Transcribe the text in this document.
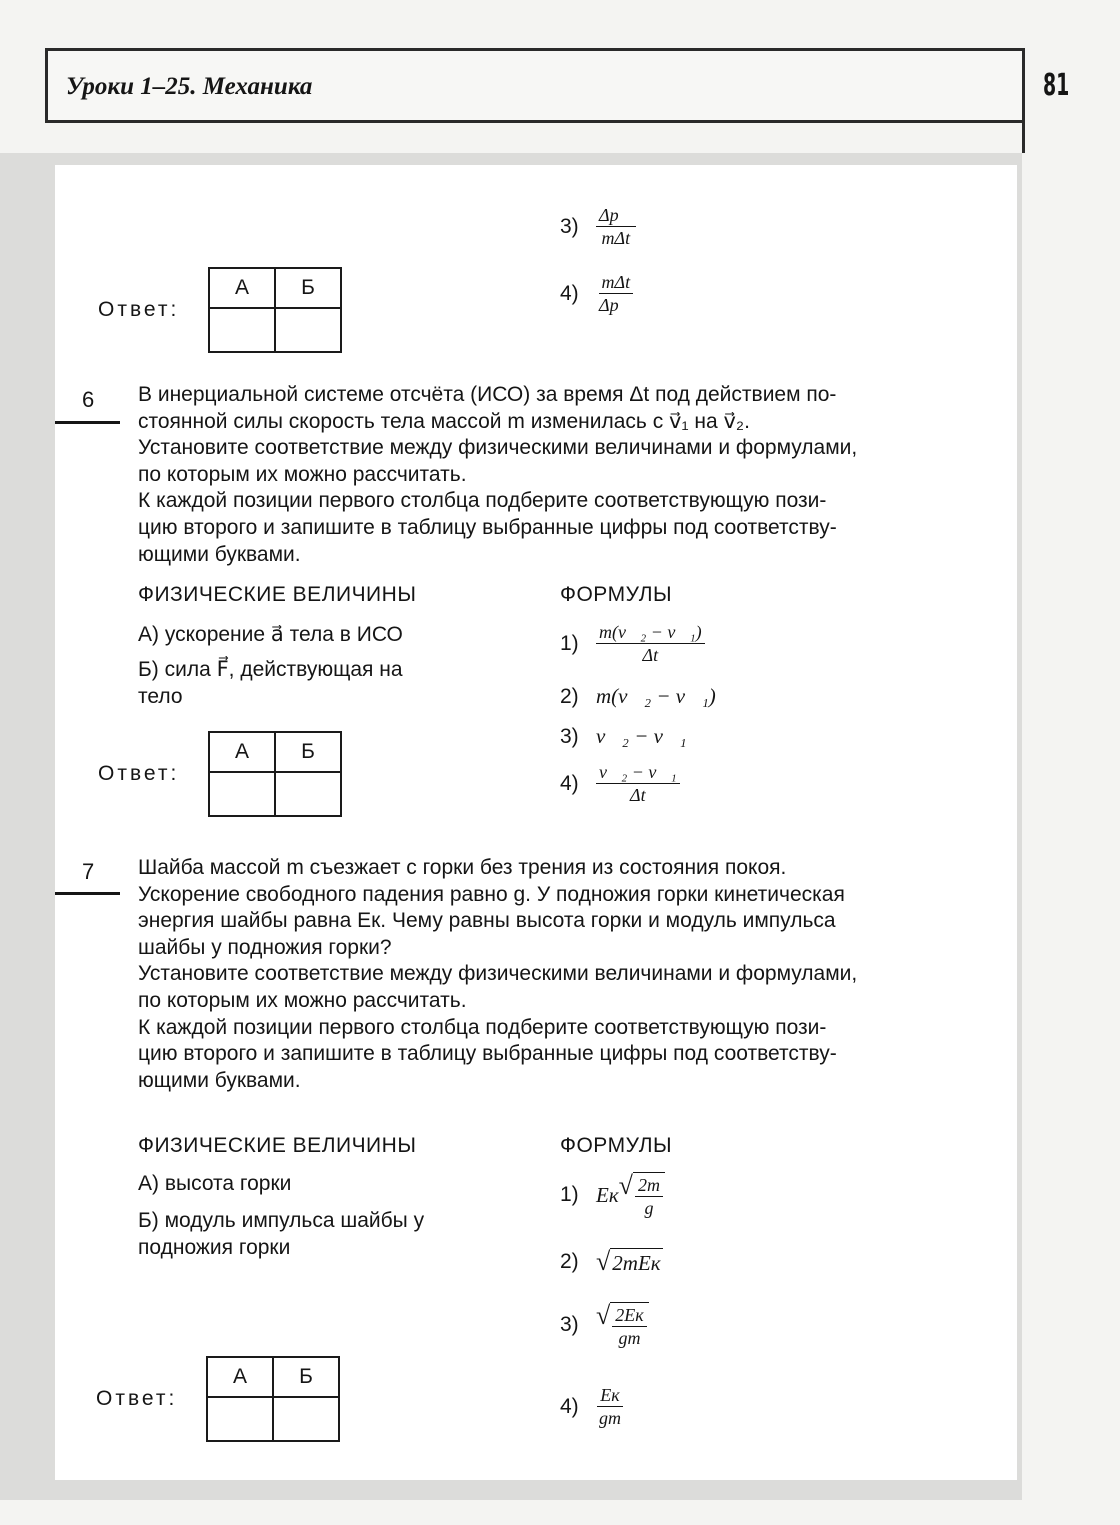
Уроки 1–25. Механика	81
$3) \frac{\Delta p⃗}{\text{mΔt}}$
$4) \frac{\text{mΔt}}{\Delta p⃗}$
Ответ:
А	Б

6 В инерциальной системе отсчёта (ИСО) за время Δt под действием по-

стоянной силы скорость тела массой m изменилась с v⃗₁ на v⃗₂.

Установите соответствие между физическими величинами и формулами,

по которым их можно рассчитать.

К каждой позиции первого столбца подберите соответствующую пози-

цию второго и запишите в таблицу выбранные цифры под соответству-

ющими буквами.

ФИЗИЧЕСКИЕ ВЕЛИЧИНЫ	ФОРМУЛЫ
А) ускорение a⃗ тела в ИСО
Б) сила F⃗, действующая на
тело
$1) \frac{\text{m(v⃗₂ − v⃗₁)}}{\Delta t}$
2) m(v⃗₂ − v⃗₁)
3) v⃗₂ − v⃗₁
$4) \frac{\text{v⃗₂ − v⃗₁}}{\Delta t}$
Ответ:
А	Б

7 Шайба массой m съезжает с горки без трения из состояния покоя.

Ускорение свободного падения равно g. У подножия горки кинетическая

энергия шайбы равна Eк. Чему равны высота горки и модуль импульса

шайбы у подножия горки?

Установите соответствие между физическими величинами и формулами,

по которым их можно рассчитать.

К каждой позиции первого столбца подберите соответствующую пози-

цию второго и запишите в таблицу выбранные цифры под соответству-

ющими буквами.

ФИЗИЧЕСКИЕ ВЕЛИЧИНЫ	ФОРМУЛЫ
А) высота горки
Б) модуль импульса шайбы у
подножия горки
1) Eк √ $\frac{2m}{g}$
2) √ 2mEк
3) √ $\frac{2Eк}{gm}$
$4) \frac{Eк}{gm}$
Ответ:
А	Б
